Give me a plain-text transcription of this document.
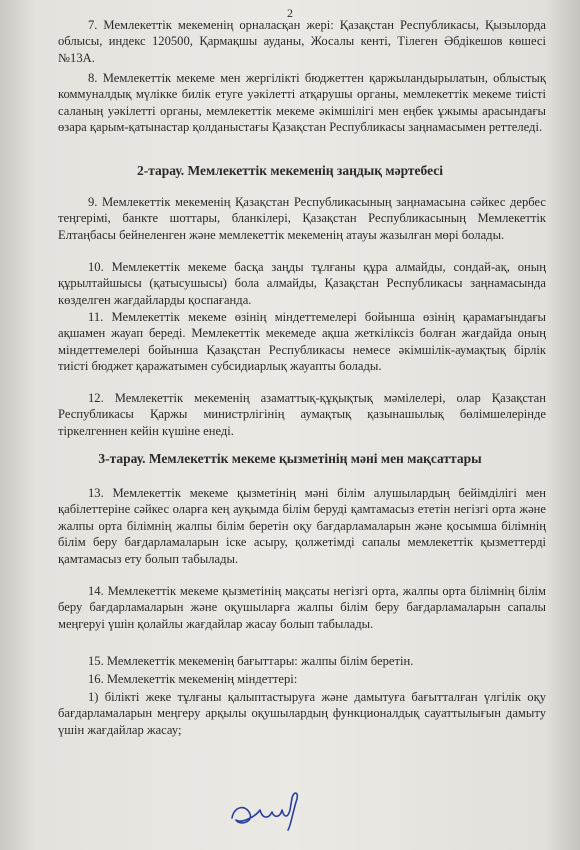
2

7. Мемлекеттік мекеменің орналасқан жері: Қазақстан Республикасы, Қызылорда облысы, индекс 120500, Қармақшы ауданы, Жосалы кенті, Тілеген Әбдікешов көшесі №13А.

8. Мемлекеттік мекеме мен жергілікті бюджеттен қаржыландырылатын, облыстық коммуналдық мүлікке билік етуге уәкілетті атқарушы органы, мемлекеттік мекеме тиісті саланың уәкілетті органы, мемлекеттік мекеме әкімшілігі мен еңбек ұжымы арасындағы өзара қарым-қатынастар қолданыстағы Қазақстан Республикасы заңнамасымен реттеледі.

2-тарау. Мемлекеттік мекеменің заңдық мәртебесі

9. Мемлекеттік мекеменің Қазақстан Республикасының заңнамасына сәйкес дербес теңгерімі, банкте шоттары, бланкілері, Қазақстан Республикасының Мемлекеттік Елтаңбасы бейнеленген және мемлекеттік мекеменің атауы жазылған мөрі болады.

10. Мемлекеттік мекеме басқа заңды тұлғаны құра алмайды, сондай-ақ, оның құрылтайшысы (қатысушысы) бола алмайды, Қазақстан Республикасы заңнамасында көзделген жағдайларды қоспағанда.

11. Мемлекеттік мекеме өзінің міндеттемелері бойынша өзінің қарамағындағы ақшамен жауап береді. Мемлекеттік мекемеде ақша жеткіліксіз болған жағдайда оның міндеттемелері бойынша Қазақстан Республикасы немесе әкімшілік-аумақтық бірлік тиісті бюджет қаражатымен субсидиарлық жауапты болады.

12. Мемлекеттік мекеменің азаматтық-құқықтық мәмілелері, олар Қазақстан Республикасы Қаржы министрлігінің аумақтық қазынашылық бөлімшелерінде тіркелгеннен кейін күшіне енеді.

3-тарау. Мемлекеттік мекеме қызметінің мәні мен мақсаттары

13. Мемлекеттік мекеме қызметінің мәні білім алушылардың бейімділігі мен қабілеттеріне сәйкес оларға кең ауқымда білім беруді қамтамасыз ететін негізгі орта және жалпы орта білімнің жалпы білім беретін оқу бағдарламаларын және қосымша білімнің білім беру бағдарламаларын іске асыру, қолжетімді сапалы мемлекеттік қызметтерді қамтамасыз ету болып табылады.

14. Мемлекеттік мекеме қызметінің мақсаты негізгі орта, жалпы орта білімнің білім беру бағдарламаларын және оқушыларға жалпы білім беру бағдарламаларын сапалы меңгеруі үшін қолайлы жағдайлар жасау болып табылады.

15. Мемлекеттік мекеменің бағыттары: жалпы білім беретін.

16. Мемлекеттік мекеменің міндеттері:

1) білікті жеке тұлғаны қалыптастыруға және дамытуға бағытталған үлгілік оқу бағдарламаларын меңгеру арқылы оқушылардың функционалдық сауаттылығын дамыту үшін жағдайлар жасау;
